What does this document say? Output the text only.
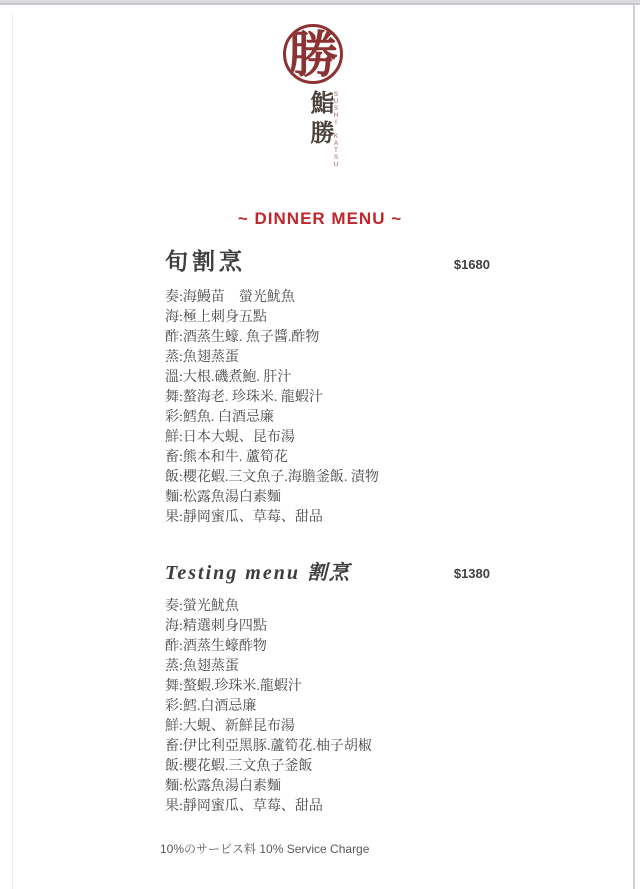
勝
鮨勝 SUSHI KATSU
~ DINNER MENU ~
旬割烹	$1680
奏:海鰻苗　螢光魷魚
海:極上刺身五點
酢:酒蒸生蠔. 魚子醬.酢物
蒸:魚翅蒸蛋
溫:大根.磯煮鮑. 肝汁
舞:螯海老. 珍珠米. 龍蝦汁
彩:鱈魚. 白酒忌廉
鮮:日本大蜆、昆布湯
畜:熊本和牛. 蘆筍花
飯:櫻花蝦.三文魚子.海膽釜飯. 漬物
麵:松露魚湯白素麵
果:靜岡蜜瓜、草莓、甜品
Testing menu 割烹	$1380
奏:螢光魷魚
海:精選刺身四點
酢:酒蒸生蠔酢物
蒸:魚翅蒸蛋
舞:螯蝦.珍珠米.龍蝦汁
彩:鱈.白酒忌廉
鮮:大蜆、新鮮昆布湯
畜:伊比利亞黑豚.蘆筍花.柚子胡椒
飯:櫻花蝦.三文魚子釜飯
麵:松露魚湯白素麵
果:靜岡蜜瓜、草莓、甜品
10%のサービス料 10% Service Charge
